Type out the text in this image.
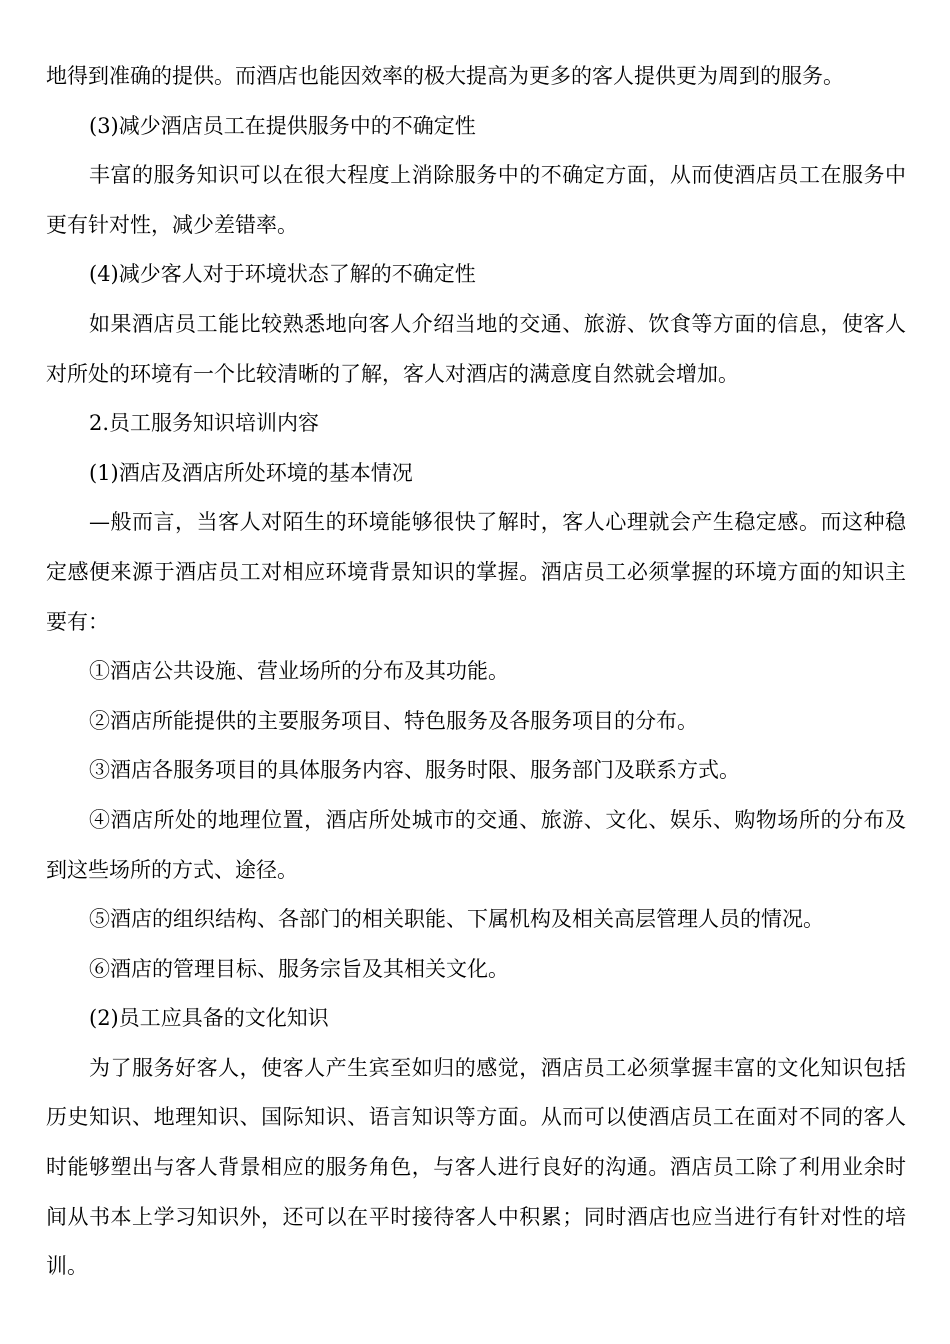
地得到准确的提供。而酒店也能因效率的极大提高为更多的客人提供更为周到的服务。

(3)减少酒店员工在提供服务中的不确定性

丰富的服务知识可以在很大程度上消除服务中的不确定方面，从而使酒店员工在服务中更有针对性，减少差错率。

(4)减少客人对于环境状态了解的不确定性

如果酒店员工能比较熟悉地向客人介绍当地的交通、旅游、饮食等方面的信息，使客人对所处的环境有一个比较清晰的了解，客人对酒店的满意度自然就会增加。

2.员工服务知识培训内容

(1)酒店及酒店所处环境的基本情况

—般而言，当客人对陌生的环境能够很快了解时，客人心理就会产生稳定感。而这种稳定感便来源于酒店员工对相应环境背景知识的掌握。酒店员工必须掌握的环境方面的知识主要有：

①酒店公共设施、营业场所的分布及其功能。

②酒店所能提供的主要服务项目、特色服务及各服务项目的分布。

③酒店各服务项目的具体服务内容、服务时限、服务部门及联系方式。

④酒店所处的地理位置，酒店所处城市的交通、旅游、文化、娱乐、购物场所的分布及到这些场所的方式、途径。

⑤酒店的组织结构、各部门的相关职能、下属机构及相关高层管理人员的情况。

⑥酒店的管理目标、服务宗旨及其相关文化。

(2)员工应具备的文化知识

为了服务好客人，使客人产生宾至如归的感觉，酒店员工必须掌握丰富的文化知识包括历史知识、地理知识、国际知识、语言知识等方面。从而可以使酒店员工在面对不同的客人时能够塑出与客人背景相应的服务角色，与客人进行良好的沟通。酒店员工除了利用业余时间从书本上学习知识外，还可以在平时接待客人中积累；同时酒店也应当进行有针对性的培训。
